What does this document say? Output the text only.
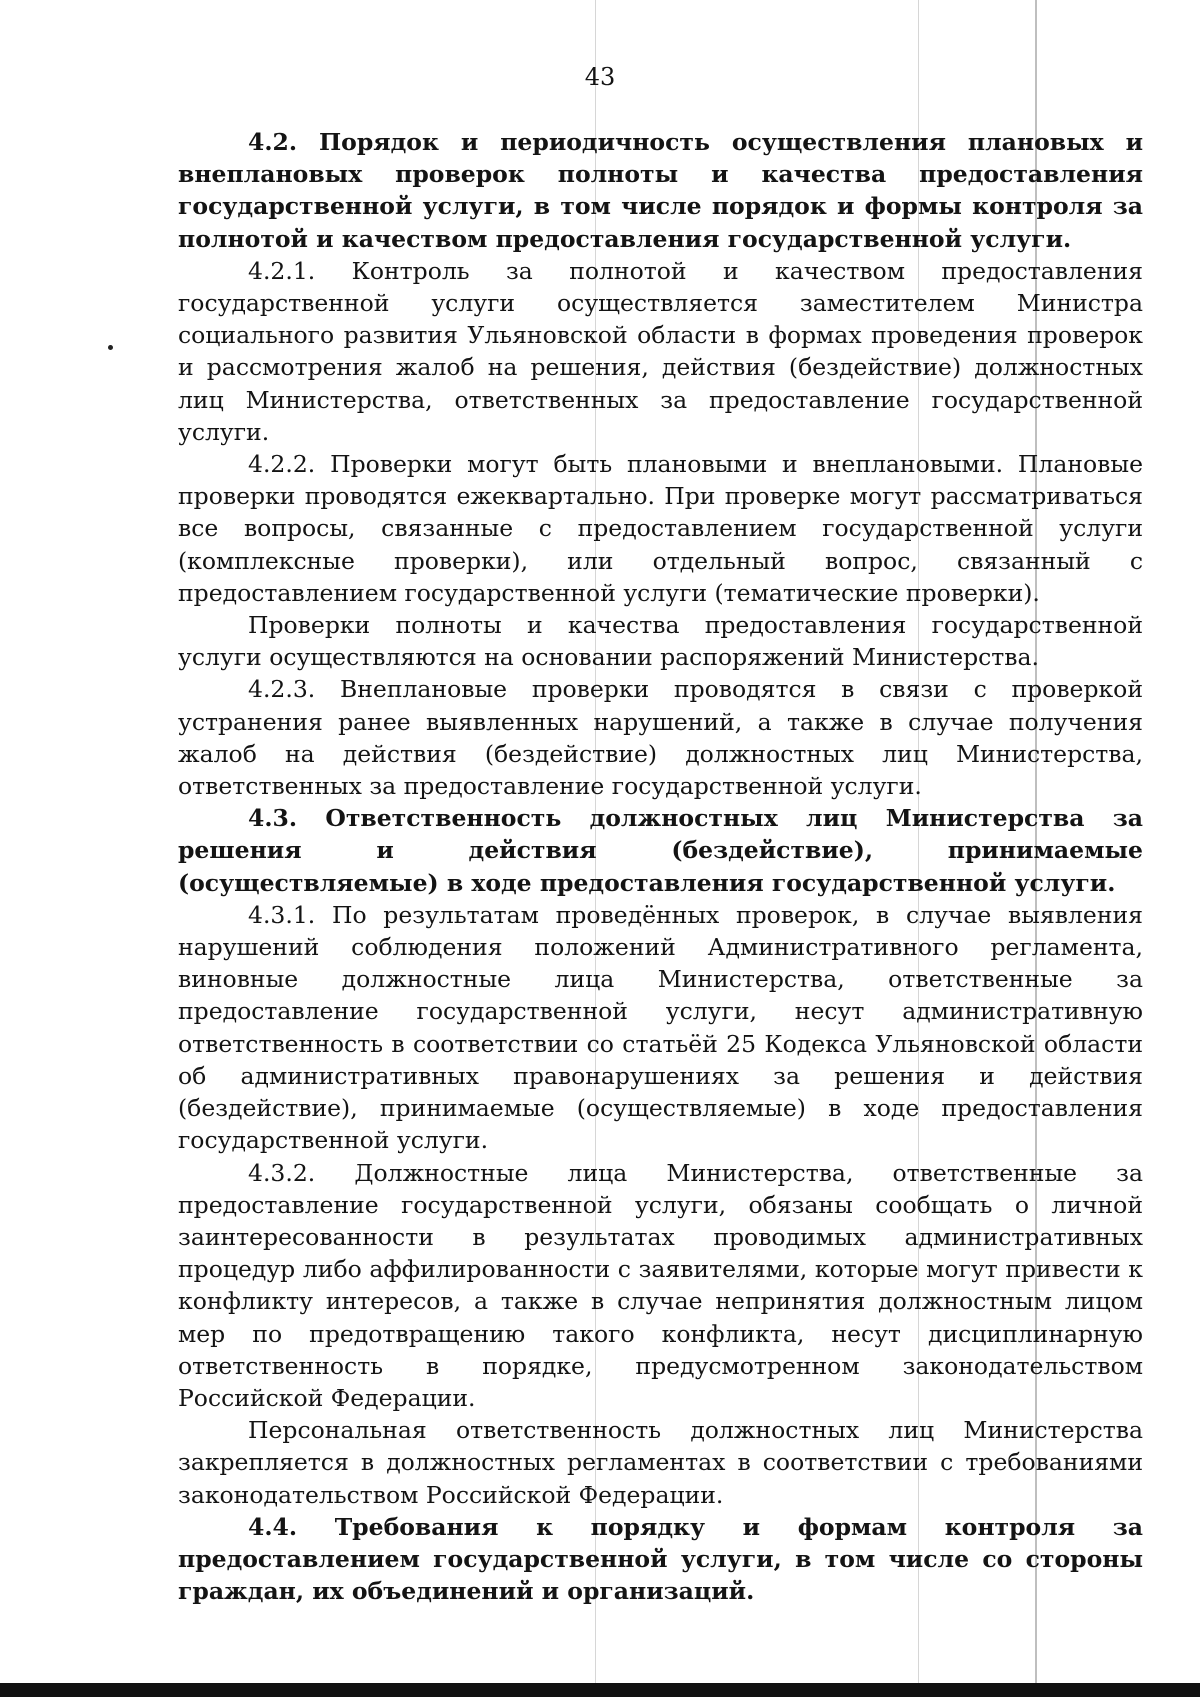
43

4.2. Порядок и периодичность осуществления плановых и внеплановых проверок полноты и качества предоставления государственной услуги, в том числе порядок и формы контроля за полнотой и качеством предоставления государственной услуги.

4.2.1. Контроль за полнотой и качеством предоставления государственной услуги осуществляется заместителем Министра социального развития Ульяновской области в формах проведения проверок и рассмотрения жалоб на решения, действия (бездействие) должностных лиц Министерства, ответственных за предоставление государственной услуги.

4.2.2. Проверки могут быть плановыми и внеплановыми. Плановые проверки проводятся ежеквартально. При проверке могут рассматриваться все вопросы, связанные с предоставлением государственной услуги (комплексные проверки), или отдельный вопрос, связанный с предоставлением государственной услуги (тематические проверки).

Проверки полноты и качества предоставления государственной услуги осуществляются на основании распоряжений Министерства.

4.2.3. Внеплановые проверки проводятся в связи с проверкой устранения ранее выявленных нарушений, а также в случае получения жалоб на действия (бездействие) должностных лиц Министерства, ответственных за предоставление государственной услуги.

4.3. Ответственность должностных лиц Министерства за решения и действия (бездействие), принимаемые (осуществляемые) в ходе предоставления государственной услуги.

4.3.1. По результатам проведённых проверок, в случае выявления нарушений соблюдения положений Административного регламента, виновные должностные лица Министерства, ответственные за предоставление государственной услуги, несут административную ответственность в соответствии со статьёй 25 Кодекса Ульяновской области об административных правонарушениях за решения и действия (бездействие), принимаемые (осуществляемые) в ходе предоставления государственной услуги.

4.3.2. Должностные лица Министерства, ответственные за предоставление государственной услуги, обязаны сообщать о личной заинтересованности в результатах проводимых административных процедур либо аффилированности с заявителями, которые могут привести к конфликту интересов, а также в случае непринятия должностным лицом мер по предотвращению такого конфликта, несут дисциплинарную ответственность в порядке, предусмотренном законодательством Российской Федерации.

Персональная ответственность должностных лиц Министерства закрепляется в должностных регламентах в соответствии с требованиями законодательством Российской Федерации.

4.4. Требования к порядку и формам контроля за предоставлением государственной услуги, в том числе со стороны граждан, их объединений и организаций.
